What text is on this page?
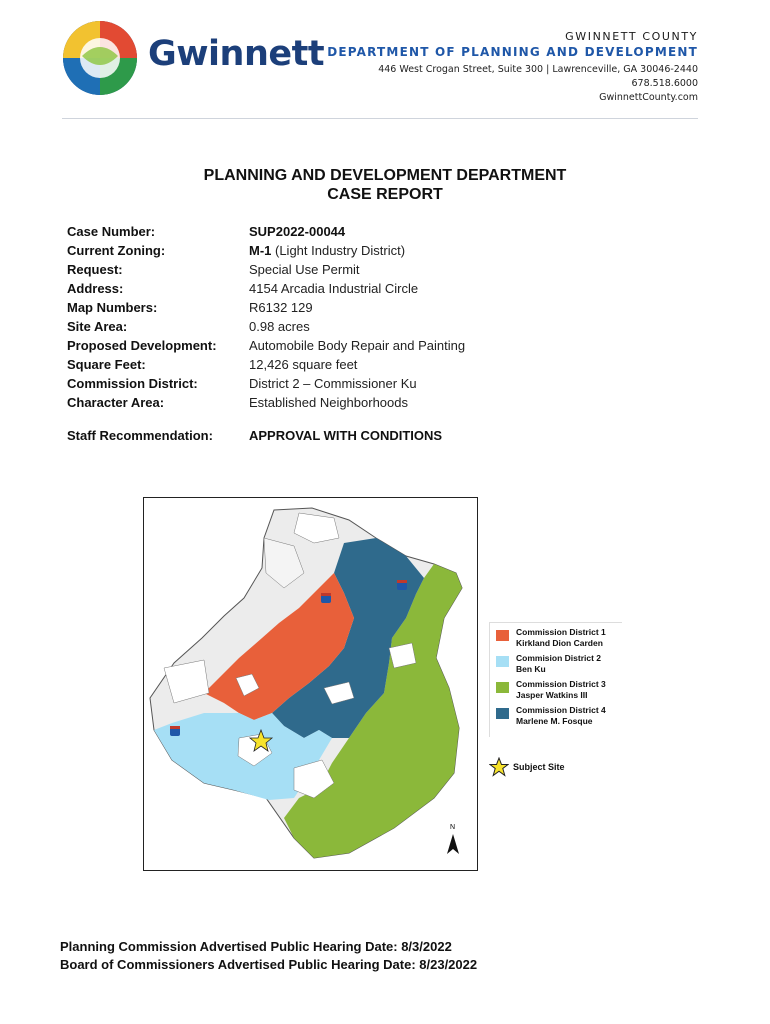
Gwinnett	GWINNETT COUNTY
DEPARTMENT OF PLANNING AND DEVELOPMENT
446 West Crogan Street, Suite 300 | Lawrenceville, GA 30046-2440
678.518.6000
GwinnettCounty.com
PLANNING AND DEVELOPMENT DEPARTMENT
CASE REPORT
Case Number:	SUP2022-00044
Current Zoning:	M-1 (Light Industry District)
Request:	Special Use Permit
Address:	4154 Arcadia Industrial Circle
Map Numbers:	R6132 129
Site Area:	0.98 acres
Proposed Development:	Automobile Body Repair and Painting
Square Feet:	12,426 square feet
Commission District:	District 2 – Commissioner Ku
Character Area:	Established Neighborhoods
Staff Recommendation:	APPROVAL WITH CONDITIONS
N
Commission District 1
Kirkland Dion Carden
Commision District 2
Ben Ku
Commission District 3
Jasper Watkins III
Commission District 4
Marlene M. Fosque
Subject Site
Planning Commission Advertised Public Hearing Date: 8/3/2022
Board of Commissioners Advertised Public Hearing Date: 8/23/2022
